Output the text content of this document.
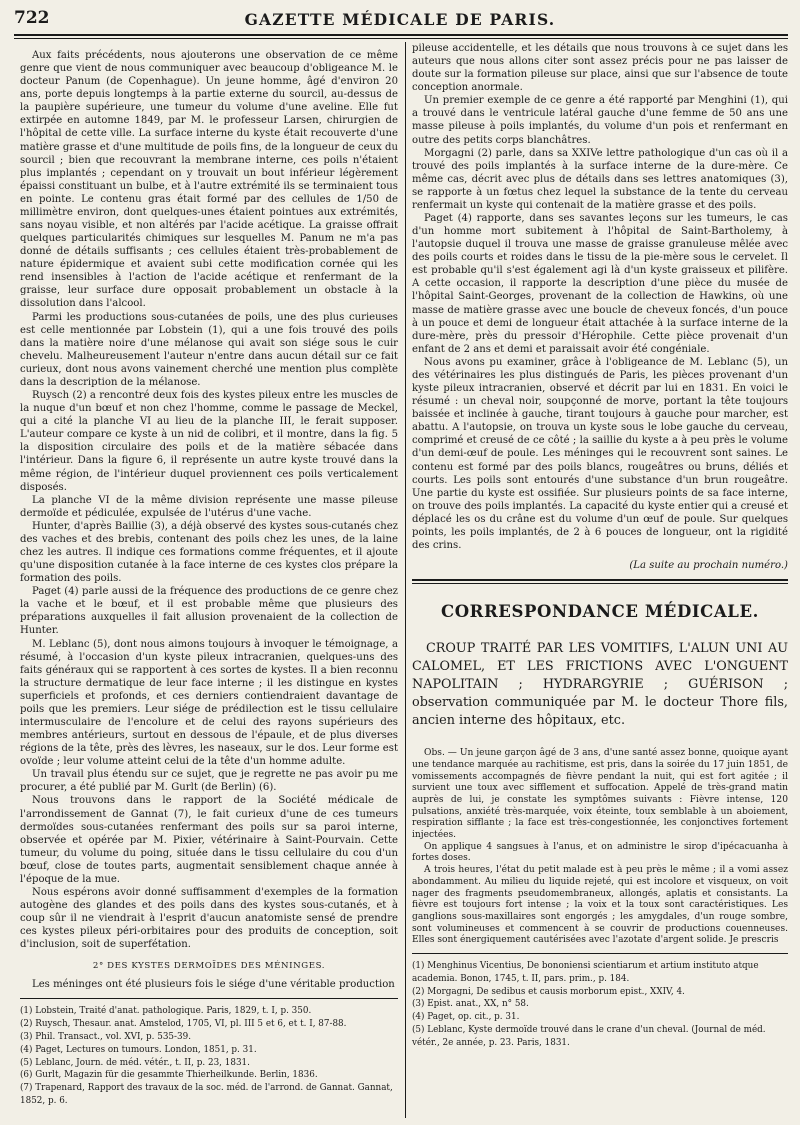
722	GAZETTE MÉDICALE DE PARIS.

Aux faits précédents, nous ajouterons une observation de ce même genre que vient de nous communiquer avec beaucoup d'obligeance M. le docteur Panum (de Copenhague). Un jeune homme, âgé d'environ 20 ans, porte depuis longtemps à la partie externe du sourcil, au-dessus de la paupière supérieure, une tumeur du volume d'une aveline. Elle fut extirpée en automne 1849, par M. le professeur Larsen, chirurgien de l'hôpital de cette ville. La surface interne du kyste était recouverte d'une matière grasse et d'une multitude de poils fins, de la longueur de ceux du sourcil ; bien que recouvrant la membrane interne, ces poils n'étaient plus implantés ; cependant on y trouvait un bout inférieur légèrement épaissi constituant un bulbe, et à l'autre extrémité ils se terminaient tous en pointe. Le contenu gras était formé par des cellules de 1/50 de millimètre environ, dont quelques-unes étaient pointues aux extrémités, sans noyau visible, et non altérés par l'acide acétique. La graisse offrait quelques particularités chimiques sur lesquelles M. Panum ne m'a pas donné de détails suffisants ; ces cellules étaient très-probablement de nature épidermique et avaient subi cette modification cornée qui les rend insensibles à l'action de l'acide acétique et renfermant de la graisse, leur surface dure opposait probablement un obstacle à la dissolution dans l'alcool.

Parmi les productions sous-cutanées de poils, une des plus curieuses est celle mentionnée par Lobstein (1), qui a une fois trouvé des poils dans la matière noire d'une mélanose qui avait son siége sous le cuir chevelu. Malheureusement l'auteur n'entre dans aucun détail sur ce fait curieux, dont nous avons vainement cherché une mention plus complète dans la description de la mélanose.

Ruysch (2) a rencontré deux fois des kystes pileux entre les muscles de la nuque d'un bœuf et non chez l'homme, comme le passage de Meckel, qui a cité la planche VI au lieu de la planche III, le ferait supposer. L'auteur compare ce kyste à un nid de colibri, et il montre, dans la fig. 5 la disposition circulaire des poils et de la matière sébacée dans l'intérieur. Dans la figure 6, il représente un autre kyste trouvé dans la même région, de l'intérieur duquel proviennent ces poils verticalement disposés.

La planche VI de la même division représente une masse pileuse dermoïde et pédiculée, expulsée de l'utérus d'une vache.

Hunter, d'après Baillie (3), a déjà observé des kystes sous-cutanés chez des vaches et des brebis, contenant des poils chez les unes, de la laine chez les autres. Il indique ces formations comme fréquentes, et il ajoute qu'une disposition cutanée à la face interne de ces kystes clos prépare la formation des poils.

Paget (4) parle aussi de la fréquence des productions de ce genre chez la vache et le bœuf, et il est probable même que plusieurs des préparations auxquelles il fait allusion provenaient de la collection de Hunter.

M. Leblanc (5), dont nous aimons toujours à invoquer le témoignage, a résumé, à l'occasion d'un kyste pileux intracranien, quelques-uns des faits généraux qui se rapportent à ces sortes de kystes. Il a bien reconnu la structure dermatique de leur face interne ; il les distingue en kystes superficiels et profonds, et ces derniers contiendraient davantage de poils que les premiers. Leur siége de prédilection est le tissu cellulaire intermusculaire de l'encolure et de celui des rayons supérieurs des membres antérieurs, surtout en dessous de l'épaule, et de plus diverses régions de la tête, près des lèvres, les naseaux, sur le dos. Leur forme est ovoïde ; leur volume atteint celui de la tête d'un homme adulte.

Un travail plus étendu sur ce sujet, que je regrette ne pas avoir pu me procurer, a été publié par M. Gurlt (de Berlin) (6).

Nous trouvons dans le rapport de la Société médicale de l'arrondissement de Gannat (7), le fait curieux d'une de ces tumeurs dermoïdes sous-cutanées renfermant des poils sur sa paroi interne, observée et opérée par M. Pixier, vétérinaire à Saint-Pourvain. Cette tumeur, du volume du poing, située dans le tissu cellulaire du cou d'un bœuf, close de toutes parts, augmentait sensiblement chaque année à l'époque de la mue.

Nous espérons avoir donné suffisamment d'exemples de la formation autogène des glandes et des poils dans des kystes sous-cutanés, et à coup sûr il ne viendrait à l'esprit d'aucun anatomiste sensé de prendre ces kystes pileux péri-orbitaires pour des produits de conception, soit d'inclusion, soit de superfétation.

2° DES KYSTES DERMOÏDES DES MÉNINGES.

Les méninges ont été plusieurs fois le siége d'une véritable production

(1) Lobstein, Traité d'anat. pathologique. Paris, 1829, t. I, p. 350.

(2) Ruysch, Thesaur. anat. Amstelod, 1705, VI, pl. III 5 et 6, et t. I, 87-88.

(3) Phil. Transact., vol. XVI, p. 535-39.

(4) Paget, Lectures on tumours. London, 1851, p. 31.

(5) Leblanc, Journ. de méd. vétér., t. II, p. 23, 1831.

(6) Gurlt, Magazin für die gesammte Thierheilkunde. Berlin, 1836.

(7) Trapenard, Rapport des travaux de la soc. méd. de l'arrond. de Gannat. Gannat, 1852, p. 6.

pileuse accidentelle, et les détails que nous trouvons à ce sujet dans les auteurs que nous allons citer sont assez précis pour ne pas laisser de doute sur la formation pileuse sur place, ainsi que sur l'absence de toute conception anormale.

Un premier exemple de ce genre a été rapporté par Menghini (1), qui a trouvé dans le ventricule latéral gauche d'une femme de 50 ans une masse pileuse à poils implantés, du volume d'un pois et renfermant en outre des petits corps blanchâtres.

Morgagni (2) parle, dans sa XXIVe lettre pathologique d'un cas où il a trouvé des poils implantés à la surface interne de la dure-mère. Ce même cas, décrit avec plus de détails dans ses lettres anatomiques (3), se rapporte à un fœtus chez lequel la substance de la tente du cerveau renfermait un kyste qui contenait de la matière grasse et des poils.

Paget (4) rapporte, dans ses savantes leçons sur les tumeurs, le cas d'un homme mort subitement à l'hôpital de Saint-Bartholemy, à l'autopsie duquel il trouva une masse de graisse granuleuse mêlée avec des poils courts et roides dans le tissu de la pie-mère sous le cervelet. Il est probable qu'il s'est également agi là d'un kyste graisseux et pilifère. A cette occasion, il rapporte la description d'une pièce du musée de l'hôpital Saint-Georges, provenant de la collection de Hawkins, où une masse de matière grasse avec une boucle de cheveux foncés, d'un pouce à un pouce et demi de longueur était attachée à la surface interne de la dure-mère, près du pressoir d'Hérophile. Cette pièce provenait d'un enfant de 2 ans et demi et paraissait avoir été congéniale.

Nous avons pu examiner, grâce à l'obligeance de M. Leblanc (5), un des vétérinaires les plus distingués de Paris, les pièces provenant d'un kyste pileux intracranien, observé et décrit par lui en 1831. En voici le résumé : un cheval noir, soupçonné de morve, portant la tête toujours baissée et inclinée à gauche, tirant toujours à gauche pour marcher, est abattu. A l'autopsie, on trouva un kyste sous le lobe gauche du cerveau, comprimé et creusé de ce côté ; la saillie du kyste a à peu près le volume d'un demi-œuf de poule. Les méninges qui le recouvrent sont saines. Le contenu est formé par des poils blancs, rougeâtres ou bruns, déliés et courts. Les poils sont entourés d'une substance d'un brun rougeâtre. Une partie du kyste est ossifiée. Sur plusieurs points de sa face interne, on trouve des poils implantés. La capacité du kyste entier qui a creusé et déplacé les os du crâne est du volume d'un œuf de poule. Sur quelques points, les poils implantés, de 2 à 6 pouces de longueur, ont la rigidité des crins.

(La suite au prochain numéro.)
CORRESPONDANCE MÉDICALE.
CROUP TRAITÉ PAR LES VOMITIFS, L'ALUN UNI AU CALOMEL, ET LES FRICTIONS AVEC L'ONGUENT NAPOLITAIN ; HYDRARGYRIE ; GUÉRISON ; observation communiquée par M. le docteur Thore fils, ancien interne des hôpitaux, etc.

Obs. — Un jeune garçon âgé de 3 ans, d'une santé assez bonne, quoique ayant une tendance marquée au rachitisme, est pris, dans la soirée du 17 juin 1851, de vomissements accompagnés de fièvre pendant la nuit, qui est fort agitée ; il survient une toux avec sifflement et suffocation. Appelé de très-grand matin auprès de lui, je constate les symptômes suivants : Fièvre intense, 120 pulsations, anxiété très-marquée, voix éteinte, toux semblable à un aboiement, respiration sifflante ; la face est très-congestionnée, les conjonctives fortement injectées.

On applique 4 sangsues à l'anus, et on administre le sirop d'ipécacuanha à fortes doses.

A trois heures, l'état du petit malade est à peu près le même ; il a vomi assez abondamment. Au milieu du liquide rejeté, qui est incolore et visqueux, on voit nager des fragments pseudomembraneux, allongés, aplatis et consistants. La fièvre est toujours fort intense ; la voix et la toux sont caractéristiques. Les ganglions sous-maxillaires sont engorgés ; les amygdales, d'un rouge sombre, sont volumineuses et commencent à se couvrir de productions couenneuses. Elles sont énergiquement cautérisées avec l'azotate d'argent solide. Je prescris

(1) Menghinus Vicentius, De bononiensi scientiarum et artium instituto atque academia. Bonon, 1745, t. II, pars. prim., p. 184.

(2) Morgagni, De sedibus et causis morborum epist., XXIV, 4.

(3) Epist. anat., XX, n° 58.

(4) Paget, op. cit., p. 31.

(5) Leblanc, Kyste dermoïde trouvé dans le crane d'un cheval. (Journal de méd. vétér., 2e année, p. 23. Paris, 1831.
